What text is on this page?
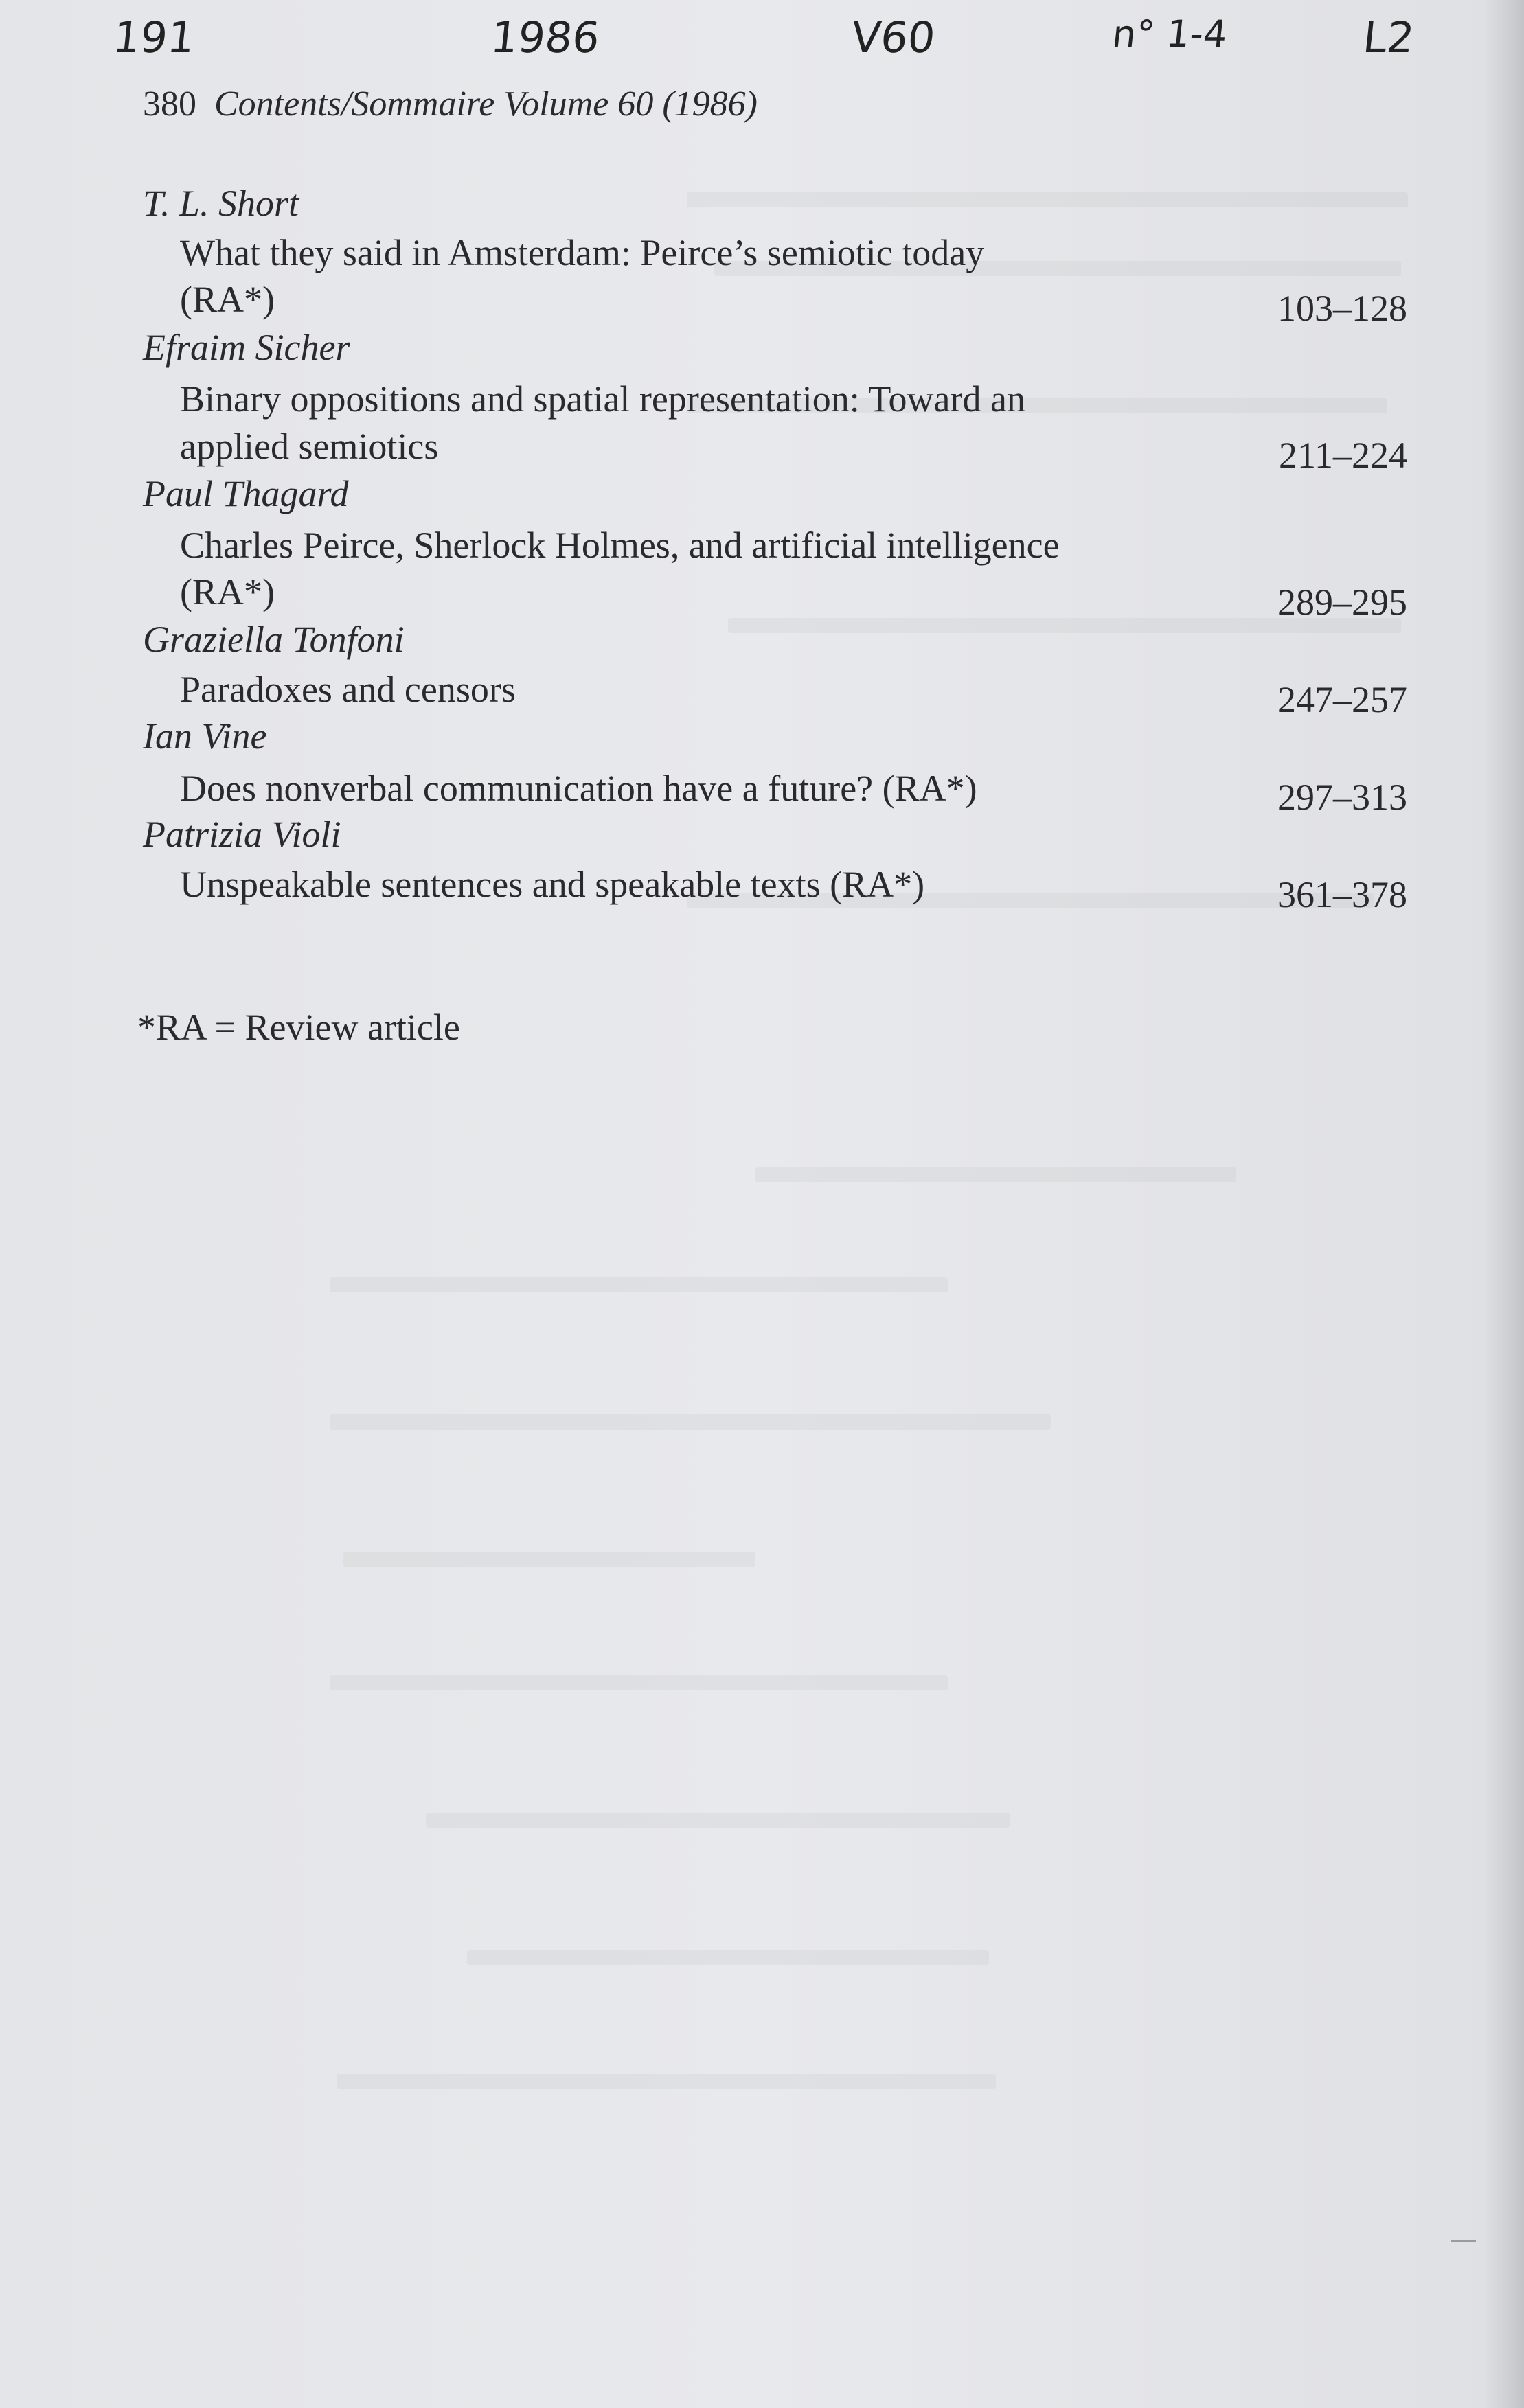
191	1986	V60	n° 1-4	L2
380 Contents/Sommaire Volume 60 (1986)
T. L. Short
What they said in Amsterdam: Peirce’s semiotic today
(RA*)	103–128
Efraim Sicher
Binary oppositions and spatial representation: Toward an
applied semiotics	211–224
Paul Thagard
Charles Peirce, Sherlock Holmes, and artificial intelligence
(RA*)	289–295
Graziella Tonfoni
Paradoxes and censors	247–257
Ian Vine
Does nonverbal communication have a future? (RA*)	297–313
Patrizia Violi
Unspeakable sentences and speakable texts (RA*)	361–378
*RA = Review article
